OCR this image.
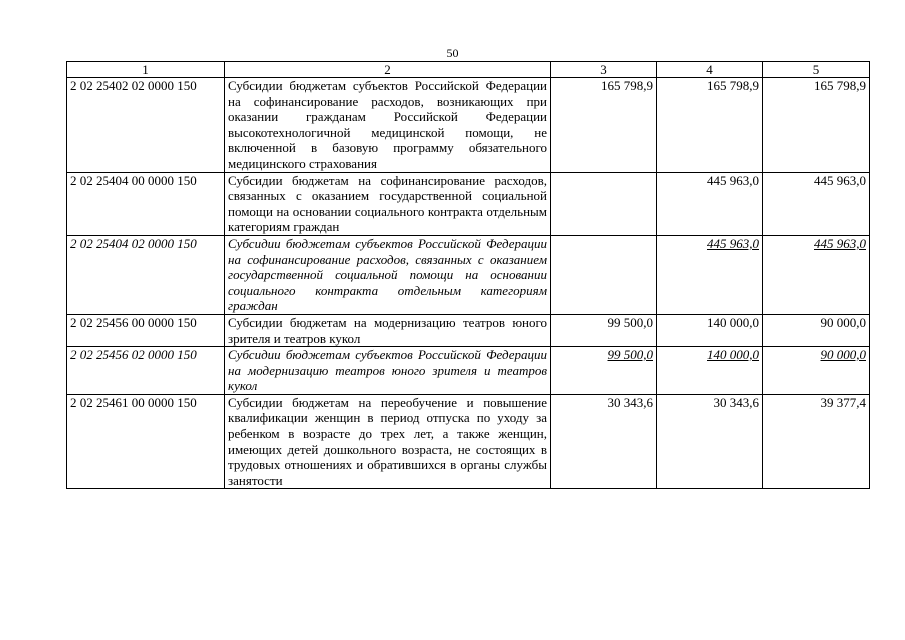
50
1	2	3	4	5
2 02 25402 02 0000 150	Субсидии бюджетам субъектов Российской Федерации на софинансирование расходов, возникающих при оказании гражданам Российской Федерации высокотехнологичной медицинской помощи, не включенной в базовую программу обязательного медицинского страхования	165 798,9	165 798,9	165 798,9
2 02 25404 00 0000 150	Субсидии бюджетам на софинансирование расходов, связанных с оказанием государственной социальной помощи на основании социального контракта отдельным категориям граждан		445 963,0	445 963,0
2 02 25404 02 0000 150	Субсидии бюджетам субъектов Российской Федерации на софинансирование расходов, связанных с оказанием государственной социальной помощи на основании социального контракта отдельным категориям граждан		445 963,0	445 963,0
2 02 25456 00 0000 150	Субсидии бюджетам на модернизацию театров юного зрителя и театров кукол	99 500,0	140 000,0	90 000,0
2 02 25456 02 0000 150	Субсидии бюджетам субъектов Российской Федерации на модернизацию театров юного зрителя и театров кукол	99 500,0	140 000,0	90 000,0
2 02 25461 00 0000 150	Субсидии бюджетам на переобучение и повышение квалификации женщин в период отпуска по уходу за ребенком в возрасте до трех лет, а также женщин, имеющих детей дошкольного возраста, не состоящих в трудовых отношениях и обратившихся в органы службы занятости	30 343,6	30 343,6	39 377,4
